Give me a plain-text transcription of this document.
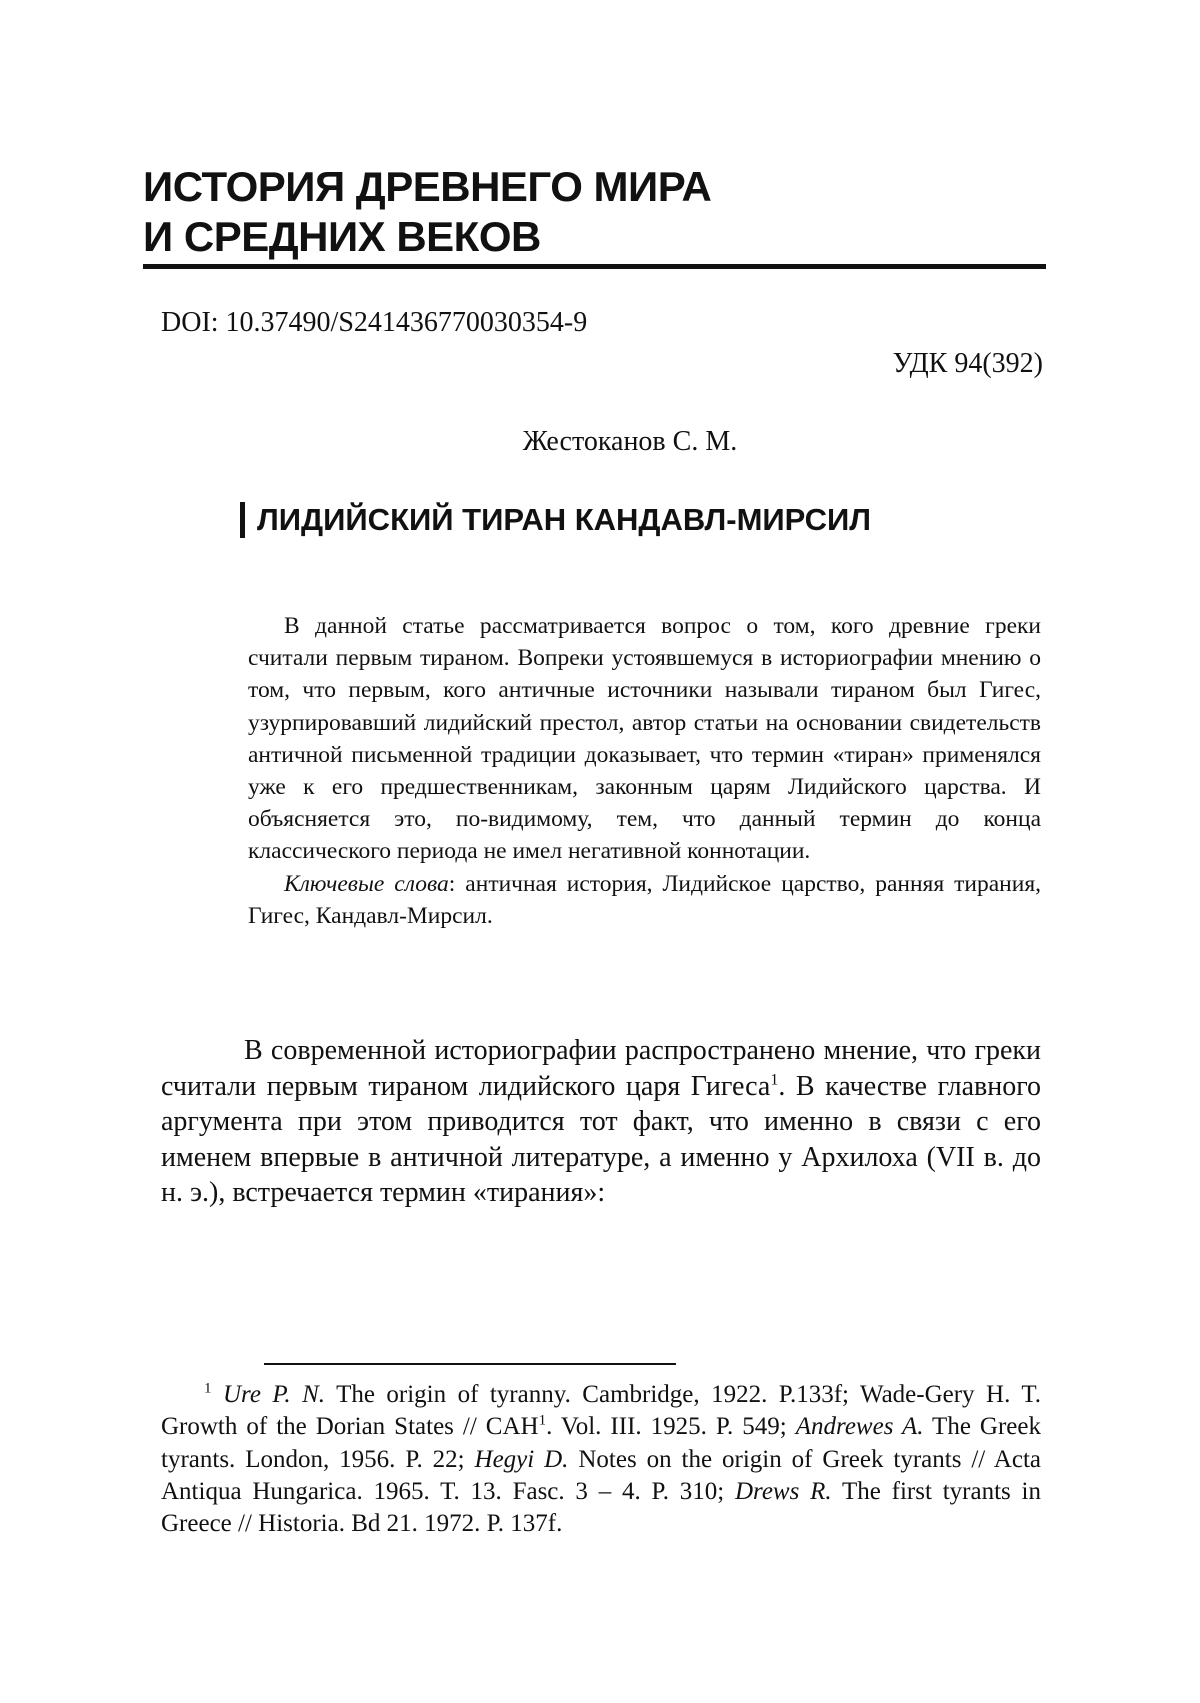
ИСТОРИЯ ДРЕВНЕГО МИРА
И СРЕДНИХ ВЕКОВ
DOI: 10.37490/S241436770030354-9
УДК 94(392)
Жестоканов С. М.
ЛИДИЙСКИЙ ТИРАН КАНДАВЛ-МИРСИЛ

В данной статье рассматривается вопрос о том, кого древние греки считали первым тираном. Вопреки устоявшемуся в историографии мнению о том, что первым, кого античные источники называли тираном был Гигес, узурпировавший лидийский престол, автор статьи на основании свидетельств античной письменной традиции доказывает, что термин «тиран» применялся уже к его предшественникам, законным царям Лидийского царства. И объясняется это, по-видимому, тем, что данный термин до конца классического периода не имел негативной коннотации.

Ключевые слова: античная история, Лидийское царство, ранняя тирания, Гигес, Кандавл-Мирсил.

В современной историографии распространено мнение, что греки считали первым тираном лидийского царя Гигеса$^1$. В качестве главного аргумента при этом приводится тот факт, что именно в связи с его именем впервые в античной литературе, а именно у Архилоха (VII в. до н. э.), встречается термин «тирания»:

$^1$ Ure P. N. The origin of tyranny. Cambridge, 1922. P.133f; Wade-Gery H. T. Growth of the Dorian States // CAH$^1$. Vol. III. 1925. P. 549; Andrewes A. The Greek tyrants. London, 1956. P. 22; Hegyi D. Notes on the origin of Greek tyrants // Acta Antiqua Hungarica. 1965. T. 13. Fasc. 3 – 4. P. 310; Drews R. The first tyrants in Greece // Historia. Bd 21. 1972. P. 137f.
